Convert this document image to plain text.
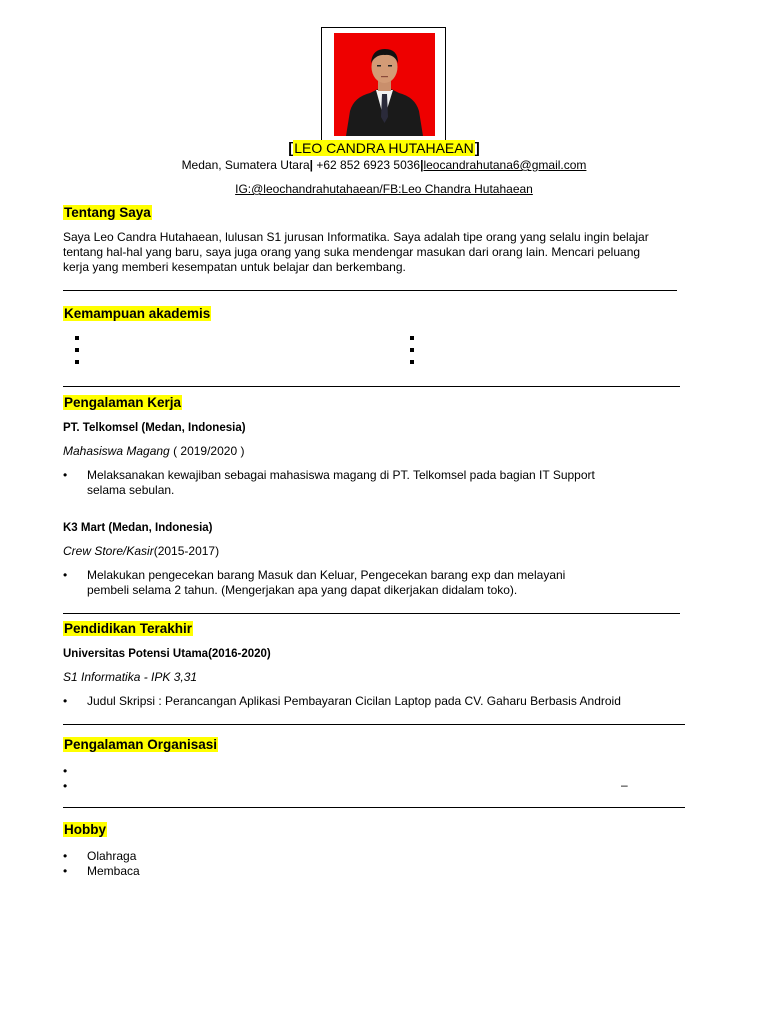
[LEO CANDRA HUTAHAEAN]
Medan, Sumatera Utara| +62 852 6923 5036|leocandrahutana6@gmail.com
IG:@leochandrahutahaean/FB:Leo Chandra Hutahaean
Tentang Saya
Saya Leo Candra Hutahaean, lulusan S1 jurusan Informatika. Saya adalah tipe orang yang selalu ingin belajar
tentang hal-hal yang baru, saya juga orang yang suka mendengar masukan dari orang lain. Mencari peluang
kerja yang memberi kesempatan untuk belajar dan berkembang.
Kemampuan akademis
Pengalaman Kerja
PT. Telkomsel (Medan, Indonesia)
Mahasiswa Magang ( 2019/2020 )
• Melaksanakan kewajiban sebagai mahasiswa magang di PT. Telkomsel pada bagian IT Support
selama sebulan.
K3 Mart (Medan, Indonesia)
Crew Store/Kasir(2015-2017)
• Melakukan pengecekan barang Masuk dan Keluar, Pengecekan barang exp dan melayani
pembeli selama 2 tahun. (Mengerjakan apa yang dapat dikerjakan didalam toko).
Pendidikan Terakhir
Universitas Potensi Utama(2016-2020)
S1 Informatika - IPK 3,31
• Judul Skripsi : Perancangan Aplikasi Pembayaran Cicilan Laptop pada CV. Gaharu Berbasis Android
Pengalaman Organisasi
•
•	–
Hobby
• Olahraga
• Membaca
